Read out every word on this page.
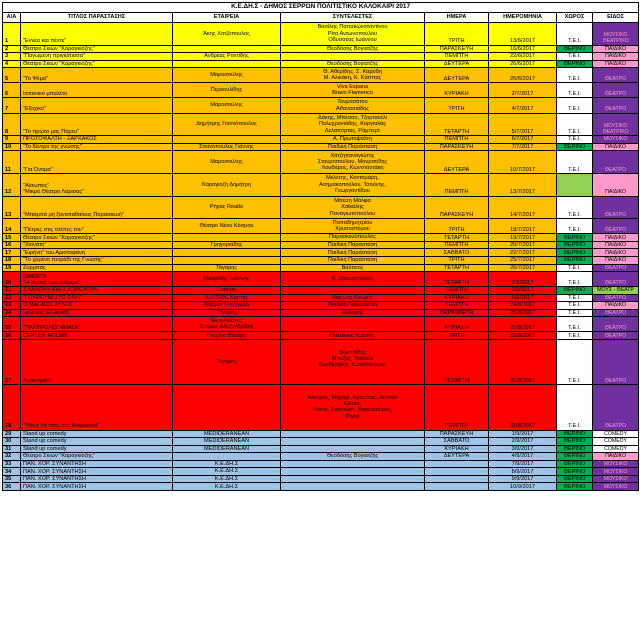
Κ.Ε.ΔΗ.Σ - ΔΗΜΟΣ ΣΕΡΡΩΝ ΠΟΛΙΤΙΣΤΙΚΟ ΚΑΛΟΚΑΙΡΙ 2017							
Α/Α	ΤΙΤΛΟΣ ΠΑΡΑΣΤΑΣΗΣ	ΕΤΑΙΡΕΙΑ	ΣΥΝΤΕΛΕΣΤΕΣ	ΗΜΕΡΑ	ΗΜΕΡΟΜΗΝΙΑ	ΧΩΡΟΣ	ΕΙΔΟΣ
1	"Εννέα και πέντε"	Άκης Χατζόπουλος	Βασίλης Παπακωνσταντίνου
Ρίτα Αντωνοπούλου
Οδυσσέας Ιωάννου	ΤΡΙΤΗ	13/6/2017	Τ.Ε.Ι.	ΜΟΥΣΙΚΟ
ΘΕΑΤΡΙΚΟ
2	Θέατρο Σκιών "Καραγκιόζης"		Θεοδόσης Βογιατζής	ΠΑΡΑΣΚΕΥΗ	16/6/2017	ΘΕΡΙΝΟ	ΠΑΙΔΙΚΟ
3	"Παγωμένη πριγκίπισσα"	Ανδρέας Ροντίδης		ΠΕΜΠΤΗ	22/6/2017	Τ.Ε.Ι.	ΠΑΙΔΙΚΟ
4	Θέατρο Σκιών "Καραγκιόζης"		Θεοδόσης Βογιατζής	ΔΕΥΤΕΡΑ	26/6/2017	ΘΕΡΙΝΟ	ΠΑΙΔΙΚΟ
5	"Το Ψέμα"	Μαροσούλης	Θ. Αθερίδης, Σ. Καρύδη
Μ. Αλικάκη, Κ. Κάππας	ΔΕΥΤΕΡΑ	26/6/2017	Τ.Ε.Ι.	ΘΕΑΤΡΟ
6	Ισπανικό μπαλέτο	Περκουλίδης	Viva Espana
Bravo Flamenco	ΚΥΡΙΑΚΗ	2/7/2017	Τ.Ε.Ι.	ΘΕΑΤΡΟ
7	"Εξοχικό"	Μαροσούλης	Τουμασάτου
Αθανασιάδης	ΤΡΙΤΗ	4/7/2017	Τ.Ε.Ι.	ΘΕΑΤΡΟ
8	"Το πρώτο μας Πάρτυ"	Δημήτρης Γιαννόπουλος	Δάκης, Μπέσσυ, Τζορτανέλι
Πολυχρονιάδης, Κοργιαλάς
Δελαπόρτας, Ράμπερτ	ΤΕΤΑΡΤΗ	5/7/2017	Τ.Ε.Ι.	ΜΟΥΣΙΚΟ
ΘΕΑΤΡΙΚΟ
9	ΠΡΩΤΟΨΑΛΤΗ - ΞΑΡΧΑΚΟΣ		Α. Πρωτοψάλτη	ΠΕΜΠΤΗ	6/7/2017	Τ.Ε.Ι.	ΜΟΥΣΙΚΟ
10	"Το δέντρο της γνώσης"	Σπανόπουλος Γιάννης	Παιδική Παράσταση	ΠΑΡΑΣΚΕΥΗ	7/7/2017	ΘΕΡΙΝΟ	ΠΑΙΔΙΚΟ
11	"Για Όνομα"	Μαροσούλης	Χατζηπαναγιώτης
Σταυροπούλου, Μουρατίδης
Λουδάρος, Κωνσταντάκη	ΔΕΥΤΕΡΑ	10/7/2017	Τ.Ε.Ι.	ΘΕΑΤΡΟ
12	"Αίσωπος"
"Μικρό Θέατρο Λάρισας"	Καραγιόζη Δημήτρη	Μελέτης, Κοντομάρη,
Ασημακοπούλου, Τσούνης,
Γεωργαντίδου	ΠΕΜΠΤΗ	13/7/2017		ΠΑΙΔΙΚΟ
13	"Μπαμπά μη ξαναπαθαίνεις Παρασκευή"	Ρήγας Realto	Μπέση Μάλφα
Χαϊκάλης
Παναγιωτοπούλου	ΠΑΡΑΣΚΕΥΗ	14/7/2017	Τ.Ε.Ι.	ΘΕΑΤΡΟ
14	"Πέτρες στις τσέπες του"	Θέατρο Νέου Κόσμου	Παπαδημητρίου
Χρυσοστόμου	ΤΡΙΤΗ	18/7/2017	Τ.Ε.Ι.	ΘΕΑΤΡΟ
15	Θέατρο Σκιών "Καραγκιόζης"		Παρασκευόπουλος	ΤΕΤΑΡΤΗ	19/7/2017	ΘΕΡΙΝΟ	ΠΑΙΔΙΚΟ
16	"Χιονάτη"	Γρηγοριάδης	Παιδική Παράσταση	ΠΕΜΠΤΗ	20/7/2017	ΘΕΡΙΝΟ	ΠΑΙΔΙΚΟ
17	"Ειρήνη" του Αριστοφάνη		Παιδική Παράσταση	ΣΑΒΒΑΤΟ	22/7/2017	ΘΕΡΙΝΟ	ΠΑΙΔΙΚΟ
18	"Το χαμένο πετράδι της Γνώσης"		Παιδική Παράσταση	ΤΡΙΤΗ	25/7/2017	ΘΕΡΙΝΟ	ΠΑΙΔΙΚΟ
19	Ζορμπάς	Τάγαρης	Βαλτινός	ΤΕΤΑΡΤΗ	26/7/2017	Τ.Ε.Ι.	ΘΕΑΤΡΟ
20	OMERTA
"Η σιωπή των ανδρών"	Μακρίδης Ιωάννης	Κ. Σπυρόπουλος	ΤΕΤΑΡΤΗ	2/8/2017	Τ.Ε.Ι.	ΘΕΑΤΡΟ
21	3 ΛΑΛΟΥΝ ΚΑΙ 2 ΧΟΡΕΥΟΥΝ	Coronet		ΠΕΜΠΤΗ	3/8/2017	ΘΕΡΙΝΟ	ΜΟΥΣ - ΘΕΑΤΡ
22	"ΓΟΥΡΟΥΝΙ ΣΤΟ ΣΑΚΙ"	ΔΗΠΕΘΕ Κρήτης	Βασίλης Κούρης	ΚΥΡΙΑΚΗ	6/8/2017	Τ.Ε.Ι.	ΘΕΑΤΡΟ
23	Ο ΜΑΓΙΚΟΣ ΑΥΛΟΣ	Κάρμεν Ρουγγέρη	Παιδική Παράσταση	ΠΕΜΠΤΗ	24/8/2017	Τ.Ε.Ι.	ΠΑΙΔΙΚΟ
24	Ιφιγένεια Εν Αυλίδι	Τάγαρης	Χειλάκης	ΠΑΡΑΣΚΕΥΗ	25/8/2017	Τ.Ε.Ι.	ΘΕΑΤΡΟ
25	"ΠΑΝΤΡΟΛΟΓΗΜΑΤΑ"	"Εκπνοδότες"
Σπύρος Αλεξανδρίδης		ΚΥΡΙΑΚΗ	27/8/2017	Τ.Ε.Ι.	ΘΕΑΤΡΟ
26	CERLOK HOLMS	Γνώμνο Θέατρο	Πατρίκιος Κωστής	ΤΡΙΤΗ	29/8/2017	Τ.Ε.Ι.	ΘΕΑΤΡΟ
27	Λυσιστράτη	Τάγαρης	Φιλιππίδης
Μπέζος, Τσάλιου
Βλαδίμηρος, Κωνσταντίνος	ΤΕΤΑΡΤΗ	30/8/2017	Τ.Ε.Ι.	ΘΕΑΤΡΟ
28	"Μάνα θα πάω στο Hollywood"		Αλευράς, Μιχαήλ, Κράμπας, Jerome
Kaluta,
Λύκος, Σουλιώτη, Φαρεντούρος,
Ροδά	ΠΕΜΠΤΗ	31/8/2017	Τ.Ε.Ι.	ΘΕΑΤΡΟ
29	Stand up comedy	MEDIDERANEAN		ΠΑΡΑΣΚΕΥΗ	1/9/2017	ΘΕΡΙΝΟ	COMEDY
30	Stand up comedy	MEDIDERANEAN		ΣΑΒΒΑΤΟ	2/9/2017	ΘΕΡΙΝΟ	COMEDY
31	Stand up comedy	MEDIDERANEAN		ΚΥΡΙΑΚΗ	3/9/2017	ΘΕΡΙΝΟ	COMEDY
32	Θέατρο Σκιών "Καραγκιόζης"		Θεοδόσης Βογιατζής	ΔΕΥΤΕΡΑ	4/9/2017	ΘΕΡΙΝΟ	ΠΑΙΔΙΚΟ
33	ΠΑΝ. ΧΟΡ. ΣΥΝΑΝΤΗΣΗ	Κ.Ε.ΔΗ.Σ			7/9/2017	ΘΕΡΙΝΟ	ΜΟΥΣΙΚΟ
34	ΠΑΝ. ΧΟΡ. ΣΥΝΑΝΤΗΣΗ	Κ.Ε.ΔΗ.Σ			8/9/2017	ΘΕΡΙΝΟ	ΜΟΥΣΙΚΟ
35	ΠΑΝ. ΧΟΡ. ΣΥΝΑΝΤΗΣΗ	Κ.Ε.ΔΗ.Σ			9/9/2017	ΘΕΡΙΝΟ	ΜΟΥΣΙΚΟ
36	ΠΑΝ. ΧΟΡ. ΣΥΝΑΝΤΗΣΗ	Κ.Ε.ΔΗ.Σ			10/9/2017	ΘΕΡΙΝΟ	ΜΟΥΣΙΚΟ
